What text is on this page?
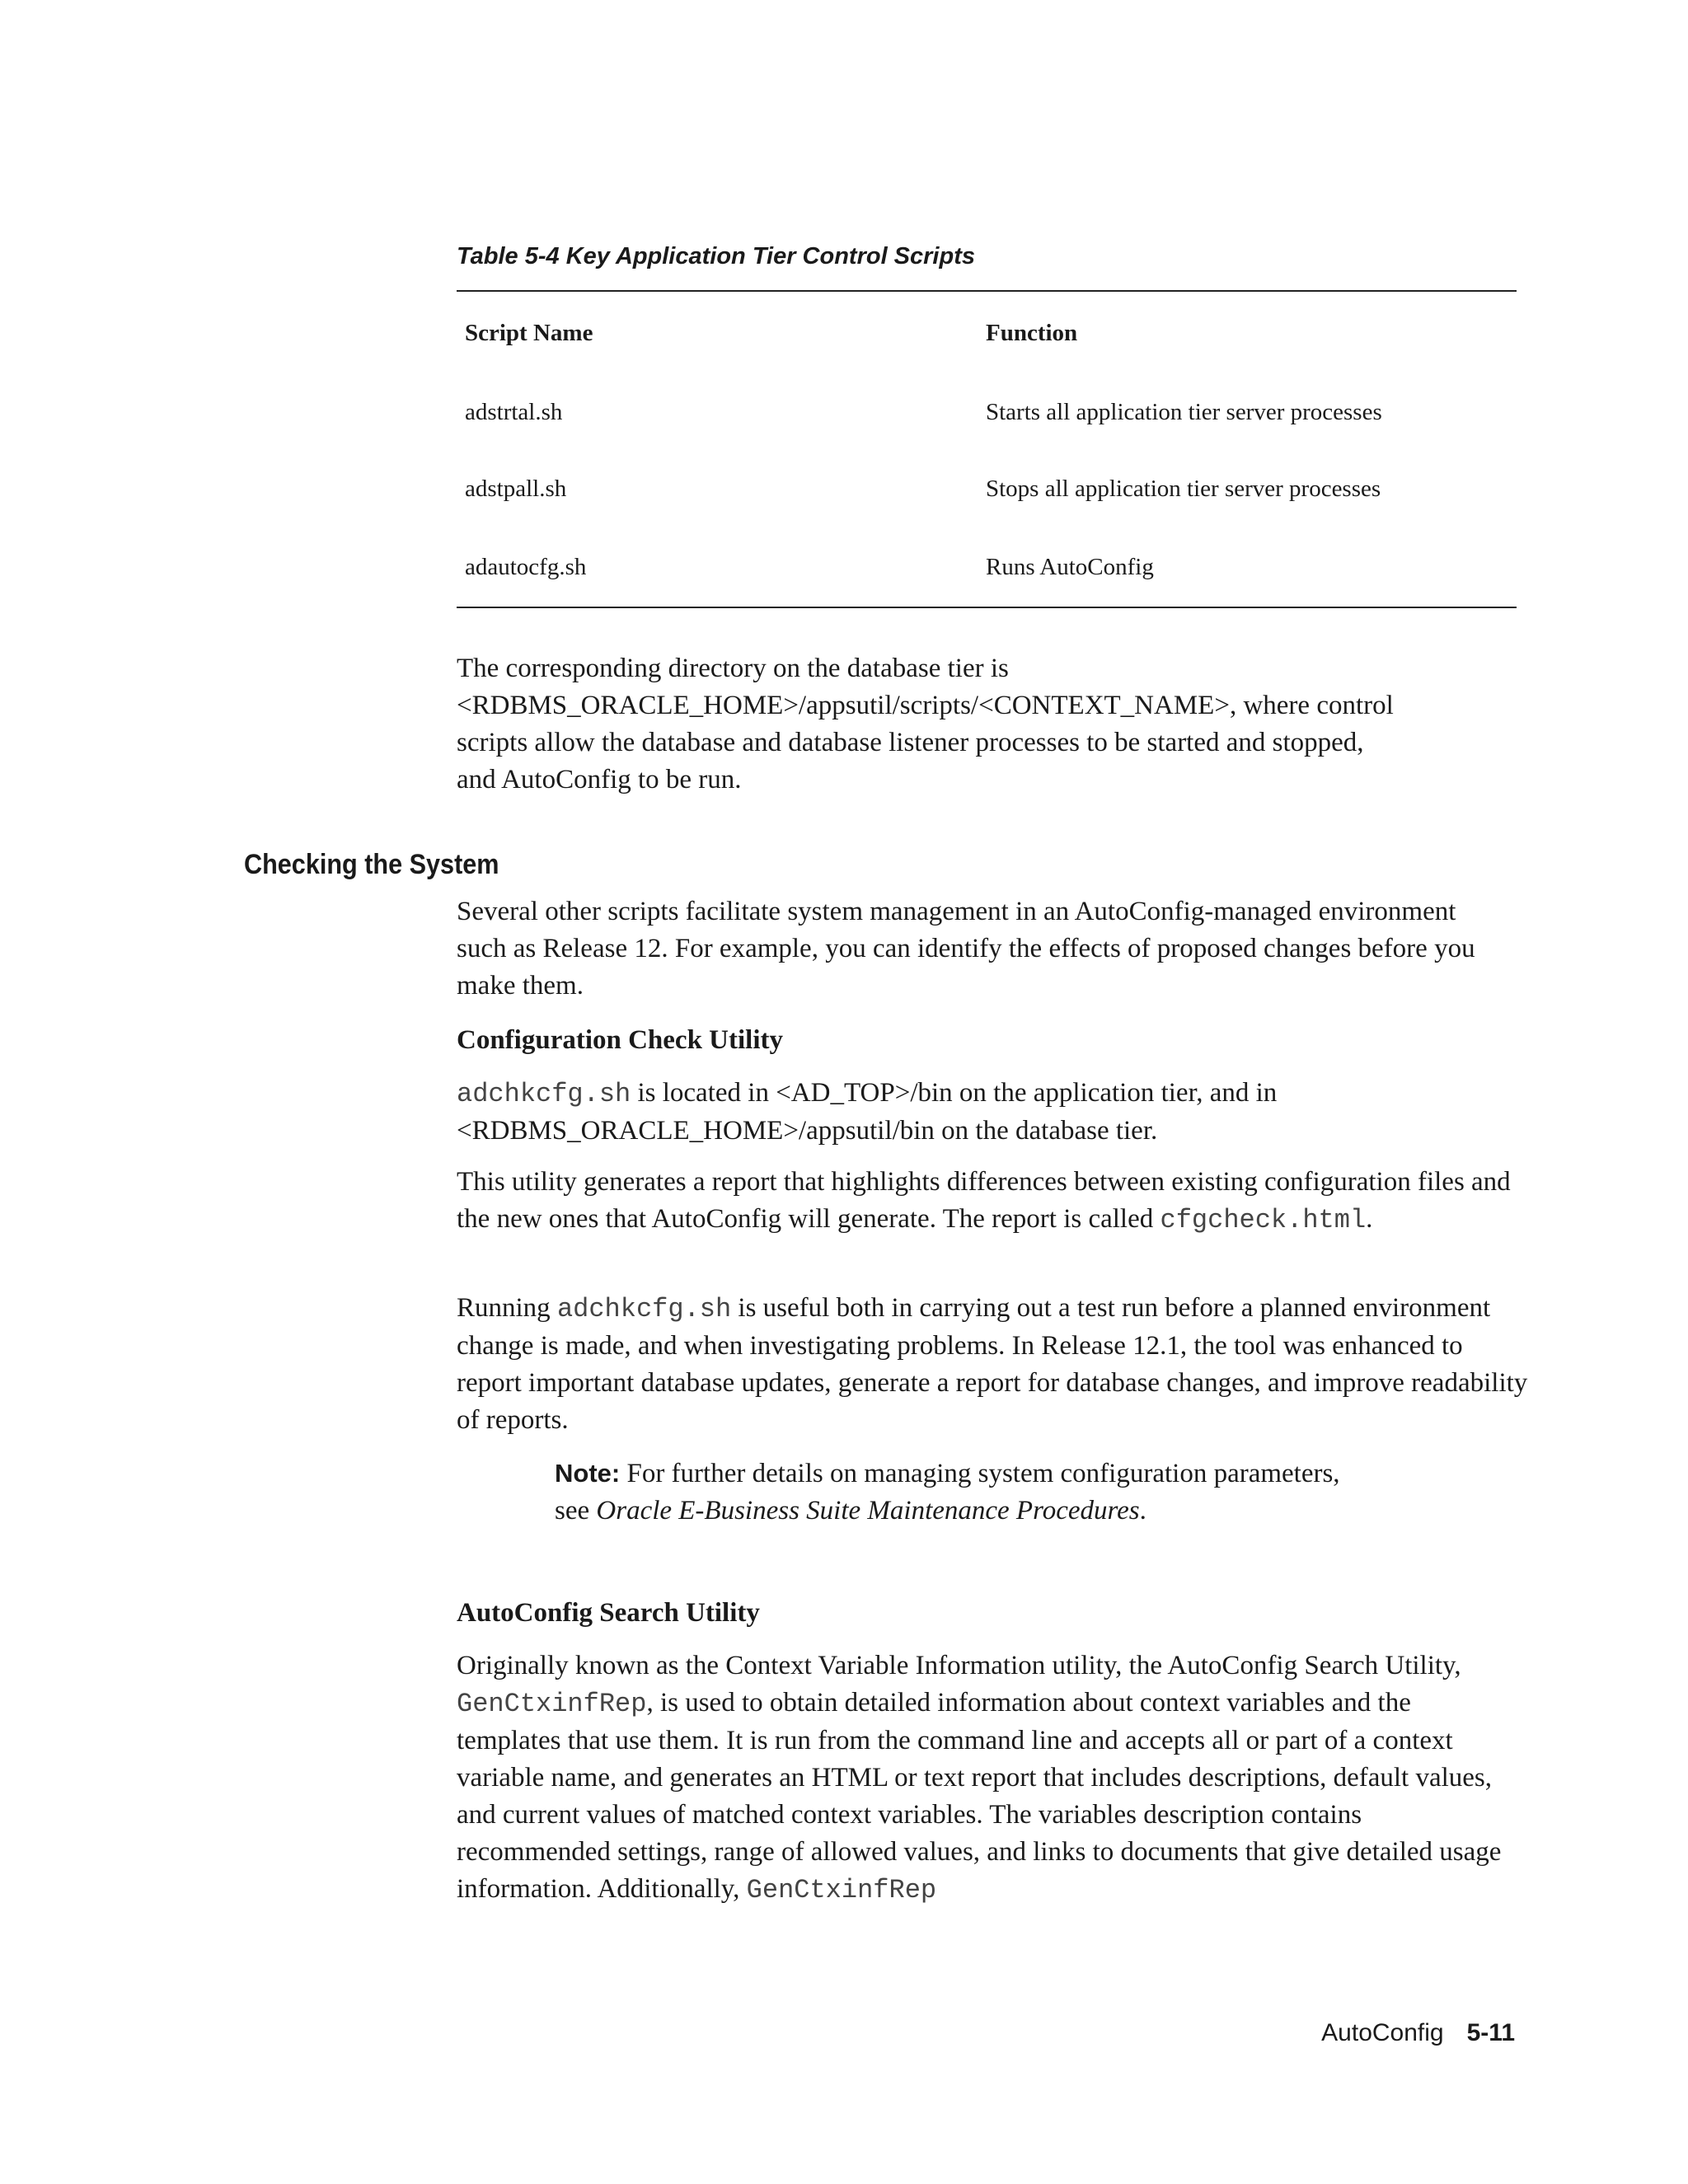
Table 5-4 Key Application Tier Control Scripts
Script Name	Function
adstrtal.sh	Starts all application tier server processes
adstpall.sh	Stops all application tier server processes
adautocfg.sh	Runs AutoConfig

The corresponding directory on the database tier is

<RDBMS_ORACLE_HOME>/appsutil/scripts/<CONTEXT_NAME>, where control

scripts allow the database and database listener processes to be started and stopped,

and AutoConfig to be run.

Checking the System

Several other scripts facilitate system management in an AutoConfig-managed environment such as Release 12. For example, you can identify the effects of proposed changes before you make them.

Configuration Check Utility

adchkcfg.sh is located in <AD_TOP>/bin on the application tier, and in <RDBMS_ORACLE_HOME>/appsutil/bin on the database tier.

This utility generates a report that highlights differences between existing configuration files and the new ones that AutoConfig will generate. The report is called cfgcheck.html.

Running adchkcfg.sh is useful both in carrying out a test run before a planned environment change is made, and when investigating problems. In Release 12.1, the tool was enhanced to report important database updates, generate a report for database changes, and improve readability of reports.

Note: For further details on managing system configuration parameters, see Oracle E-Business Suite Maintenance Procedures.
AutoConfig Search Utility

Originally known as the Context Variable Information utility, the AutoConfig Search Utility, GenCtxinfRep, is used to obtain detailed information about context variables and the templates that use them. It is run from the command line and accepts all or part of a context variable name, and generates an HTML or text report that includes descriptions, default values, and current values of matched context variables. The variables description contains recommended settings, range of allowed values, and links to documents that give detailed usage information. Additionally, GenCtxinfRep

AutoConfig 5-11
